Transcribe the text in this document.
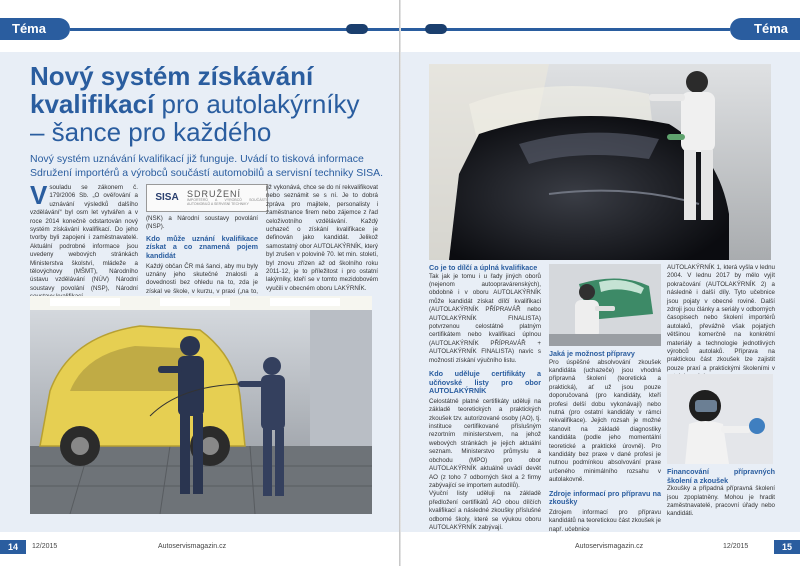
Téma
Nový systém získávání
kvalifikací pro autolakýrníky
– šance pro každého
Nový systém uznávání kvalifikací již funguje. Uvádí to tisková informace Sdružení importérů a výrobců součástí automobilů a servisní techniky SISA.
Vsouladu se zákonem č. 179/2006 Sb. „O ověřování a uznávání výsledků dalšího vzdělávání“ byl osm let vytvářen a v roce 2014 konečně odstartován nový systém získávání kvalifikací. Do jeho tvorby byli zapojeni i zaměstnavatelé. Aktuální podrobné informace jsou uvedeny webových stránkách Ministerstva školství, mládeže a tělovýchovy (MŠMT), Národního ústavu vzdělávání (NÚV) Národní soustavy povolání (NSP), Národní
SISA SDRUŽENÍ
IMPORTÉRŮ A VÝROBCŮ SOUČÁSTÍ AUTOMOBILŮ A SERVISNÍ TECHNIKY
(NSK) a Národní soustavy povolání (NSP).
Kdo může uznání kvalifikace získat a co znamená pojem kandidát
Každý občan ČR má šanci, aby mu byly uznány jeho skutečné znalosti a dovednosti bez ohledu na to, zda je získal ve škole, v kurzu, v praxi („na to,
již vykonává, chce se do ní rekvalifikovat nebo seznámit se s ní. Je to dobrá zpráva pro majitele, personalisty i zaměstnance firem nebo zájemce z řad celoživotního vzdělávání. Každý uchazeč o získání kvalifikace je definován jako kandidát. Jelikož samostatný obor AUTOLAKÝRNÍK, který byl zrušen v polovině 70. let min. století, byl znovu zřízen až od školního roku 2011-12, je to příležitost i pro ostatní lakýrníky, kteří se v tomto mezidobovém vyučili v obecném oboru LAKÝRNÍK.
14	12/2015	Autoservismagazin.cz
Téma
Co je to dílčí a úplná kvalifikace
Tak jak je tomu i u řady jiných oborů (nejenom autoopravárenských), obdobně i v oboru AUTOLAKÝRNÍK může kandidát získat dílčí kvalifikaci (AUTOLAKÝRNÍK PŘÍPRAVÁŘ nebo AUTOLAKÝRNÍK FINALISTA) potvrzenou celostátně platným certifikátem nebo kvalifikaci úplnou (AUTOLAKÝRNÍK PŘÍPRAVÁŘ + AUTOLAKÝRNÍK FINALISTA) navíc s možností získání výučního listu.
Kdo uděluje certifikáty a učňovské listy pro obor AUTOLAKÝRNÍK
Celostátně platné certifikáty uděluji na základě teoretických a praktických zkoušek tzv. autorizované osoby (AO), tj. instituce certifikované příslušným rezortním ministerstvem, na jehož webových stránkách je jejich aktuální seznam. Ministerstvo průmyslu a obchodu (MPO) pro obor AUTOLAKÝRNÍK aktuálně uvádí devět AO (z toho 7 odborných škol a 2 firmy zabývající se importem autodílů).
Výuční listy uděluji na základě předložení certifikátů AO obou dílčích kvalifikací a následné zkoušky příslušné odborné školy, které se výukou oboru AUTOLAKÝRNÍK zabývají.
Jaká je možnost přípravy
Pro úspěšné absolvování zkoušek kandidáta (uchazeče) jsou vhodná přípravná školení (teoretická a praktická), ať už jsou pouze doporučovaná (pro kandidáty, kteří profesi delší dobu vykonávají) nebo nutná (pro ostatní kandidáty v rámci rekvalifikace). Jejich rozsah je možné stanovit na základě diagnostiky kandidáta (podle jeho momentální teoretické a praktické úrovně). Pro kandidáty bez praxe v dané profesi je nutnou podmínkou absolvování praxe určeného minimálního rozsahu v autolakovně.
Zdroje informací pro přípravu na zkoušky
Zdrojem informací pro přípravu kandidátů na teoretickou část zkoušek je např. učebnice
AUTOLAKÝRNÍK 1, která vyšla v lednu 2004. V lednu 2017 by mělo vyjít pokračování (AUTOLAKÝRNÍK 2) a následně i další díly. Tyto učebnice jsou pojaty v obecné rovině. Další zdroji jsou články a seriály v odborných časopisech nebo školení importérů autolaků, převážně však pojatých většinou komerčně na konkrétní materiály a technologie jednotlivých výrobců autolaků. Příprava na praktickou část zkoušek lze zajistit pouze praxí a praktickými školeními v
Financování přípravných školení a zkoušek
Zkoušky a případná přípravná školení jsou zpoplatněny. Mohou je hradit zaměstnavatelé, pracovní úřady nebo kandidáti.
Autoservismagazin.cz	12/2015	15
